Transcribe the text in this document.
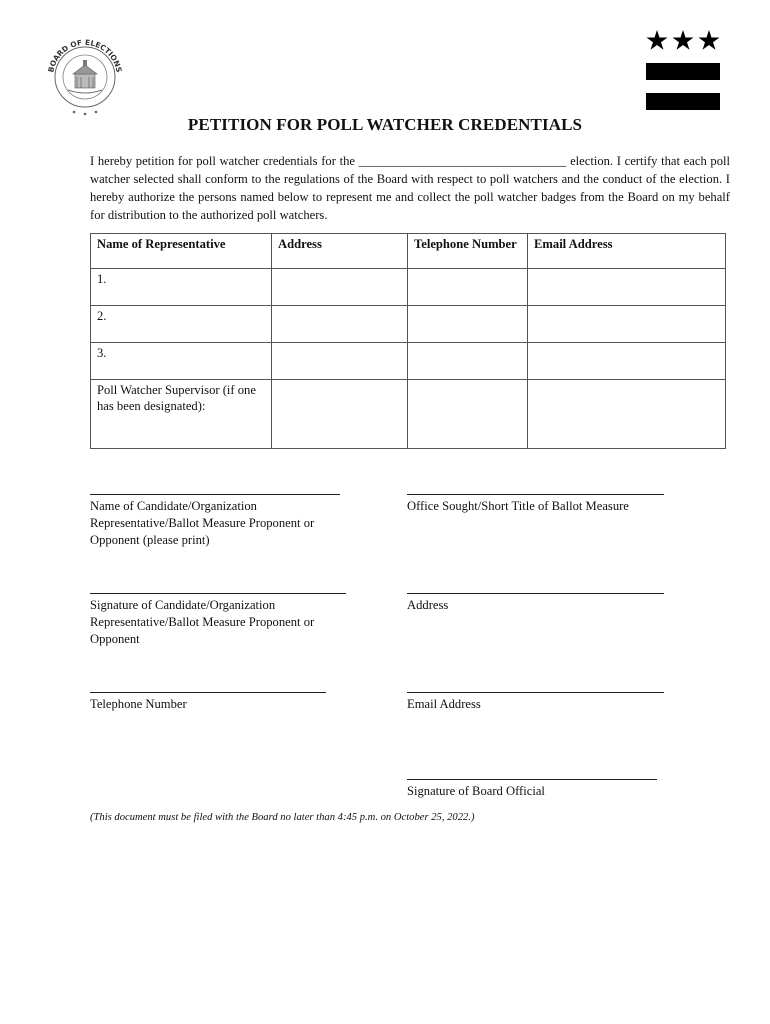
BOARD OF ELECTIONS
PETITION FOR POLL WATCHER CREDENTIALS
I hereby petition for poll watcher credentials for the _________________________________ election. I certify that each poll watcher selected shall conform to the regulations of the Board with respect to poll watchers and the conduct of the election. I hereby authorize the persons named below to represent me and collect the poll watcher badges from the Board on my behalf for distribution to the authorized poll watchers.
Name of Representative	Address	Telephone Number	Email Address
1.			
2.			
3.			
Poll Watcher Supervisor (if one has been designated):			
Name of Candidate/Organization Representative/Ballot Measure Proponent or Opponent (please print)
Office Sought/Short Title of Ballot Measure
Signature of Candidate/Organization Representative/Ballot Measure Proponent or Opponent
Address
Telephone Number	Email Address
Signature of Board Official
(This document must be filed with the Board no later than 4:45 p.m. on October 25, 2022.)
